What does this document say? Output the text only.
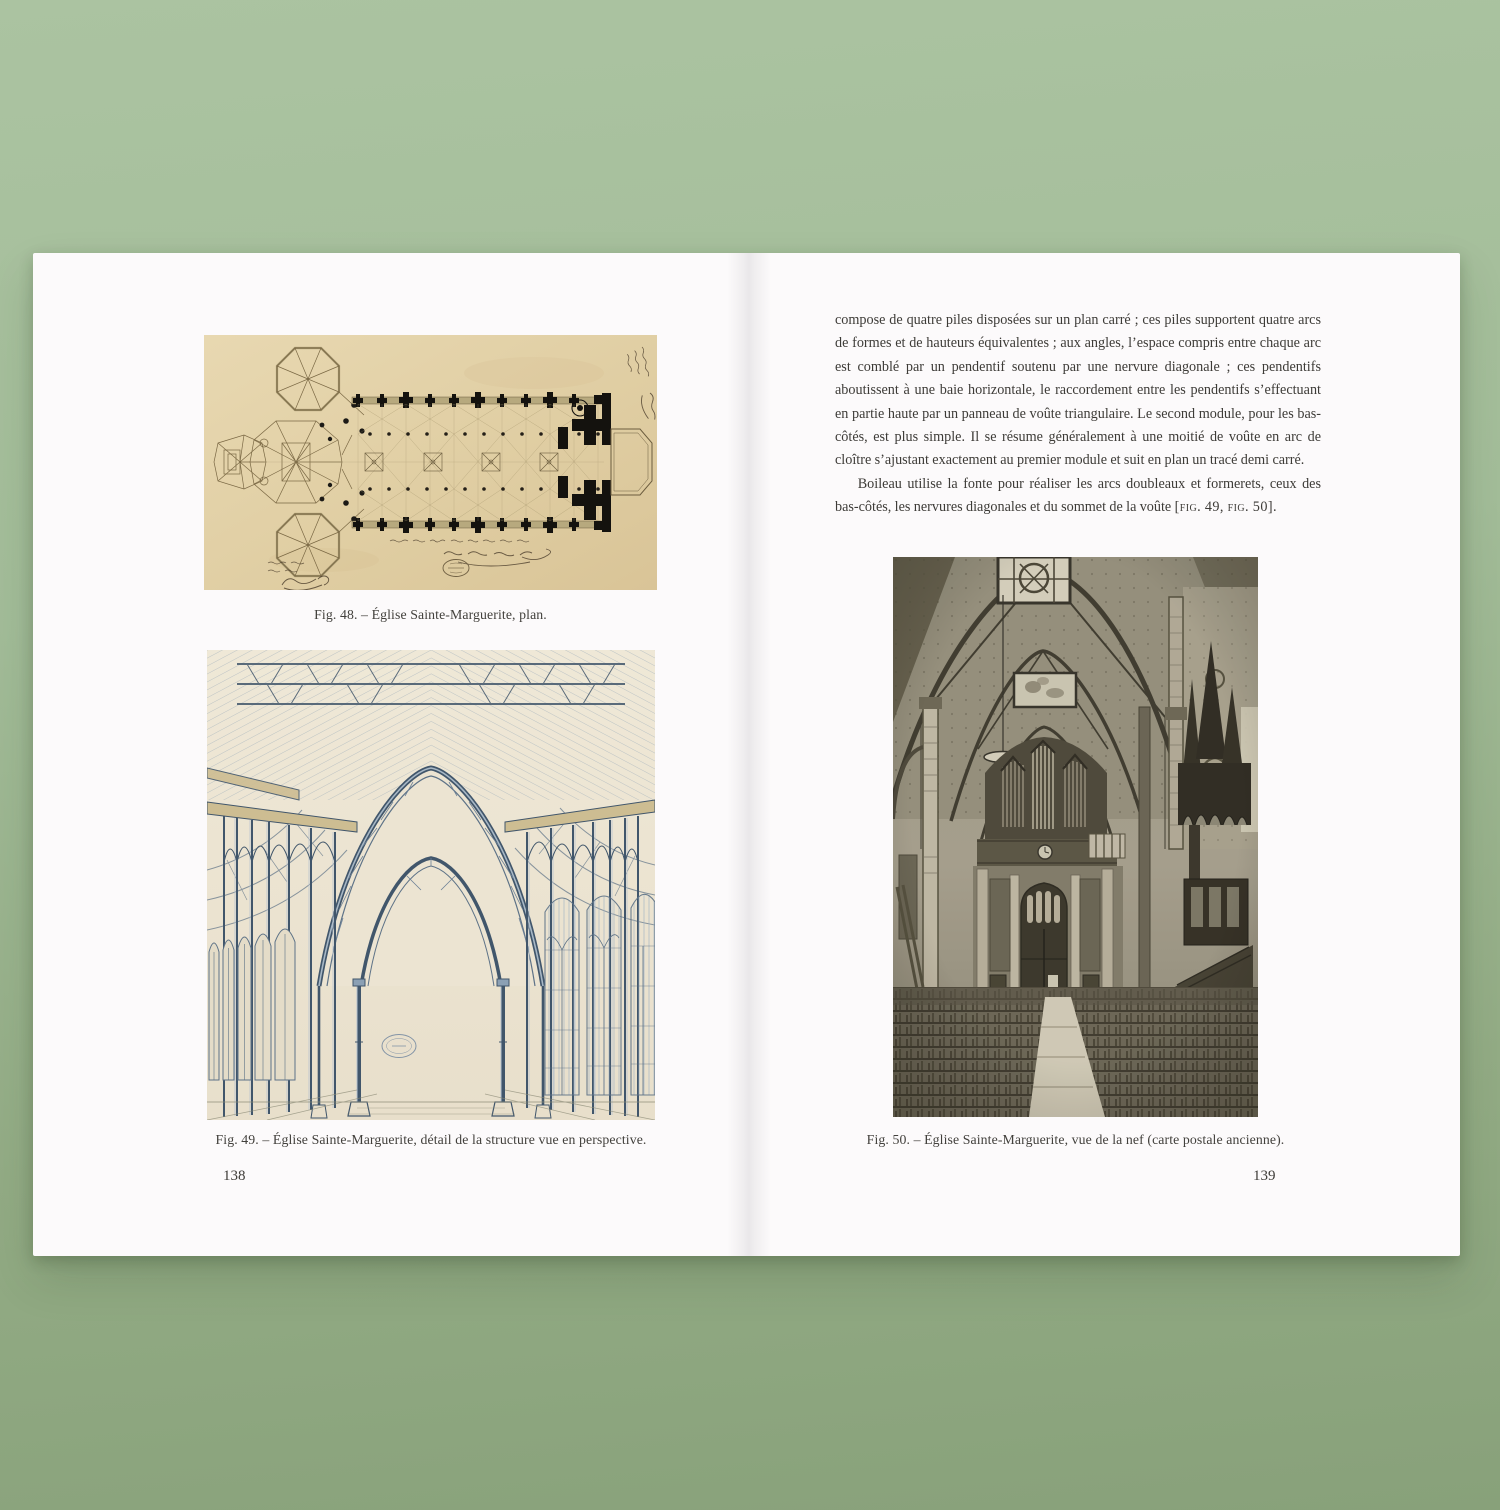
Fig. 48. – Église Sainte-Marguerite, plan.
Fig. 49. – Église Sainte-Marguerite, détail de la structure vue en perspective.
138

compose de quatre piles disposées sur un plan carré ; ces piles supportent quatre arcs de formes et de hauteurs équivalentes ; aux angles, l’espace compris entre chaque arc est comblé par un pendentif soutenu par une nervure diagonale ; ces pendentifs aboutissent à une baie horizontale, le raccordement entre les pendentifs s’effectuant en partie haute par un panneau de voûte triangulaire. Le second module, pour les bas-côtés, est plus simple. Il se résume généralement à une moitié de voûte en arc de cloître s’ajustant exactement au premier module et suit en plan un tracé demi carré.

Boileau utilise la fonte pour réaliser les arcs doubleaux et formerets, ceux des bas-côtés, les nervures diagonales et du sommet de la voûte [fig. 49, fig. 50].

Fig. 50. – Église Sainte-Marguerite, vue de la nef (carte postale ancienne).
139
